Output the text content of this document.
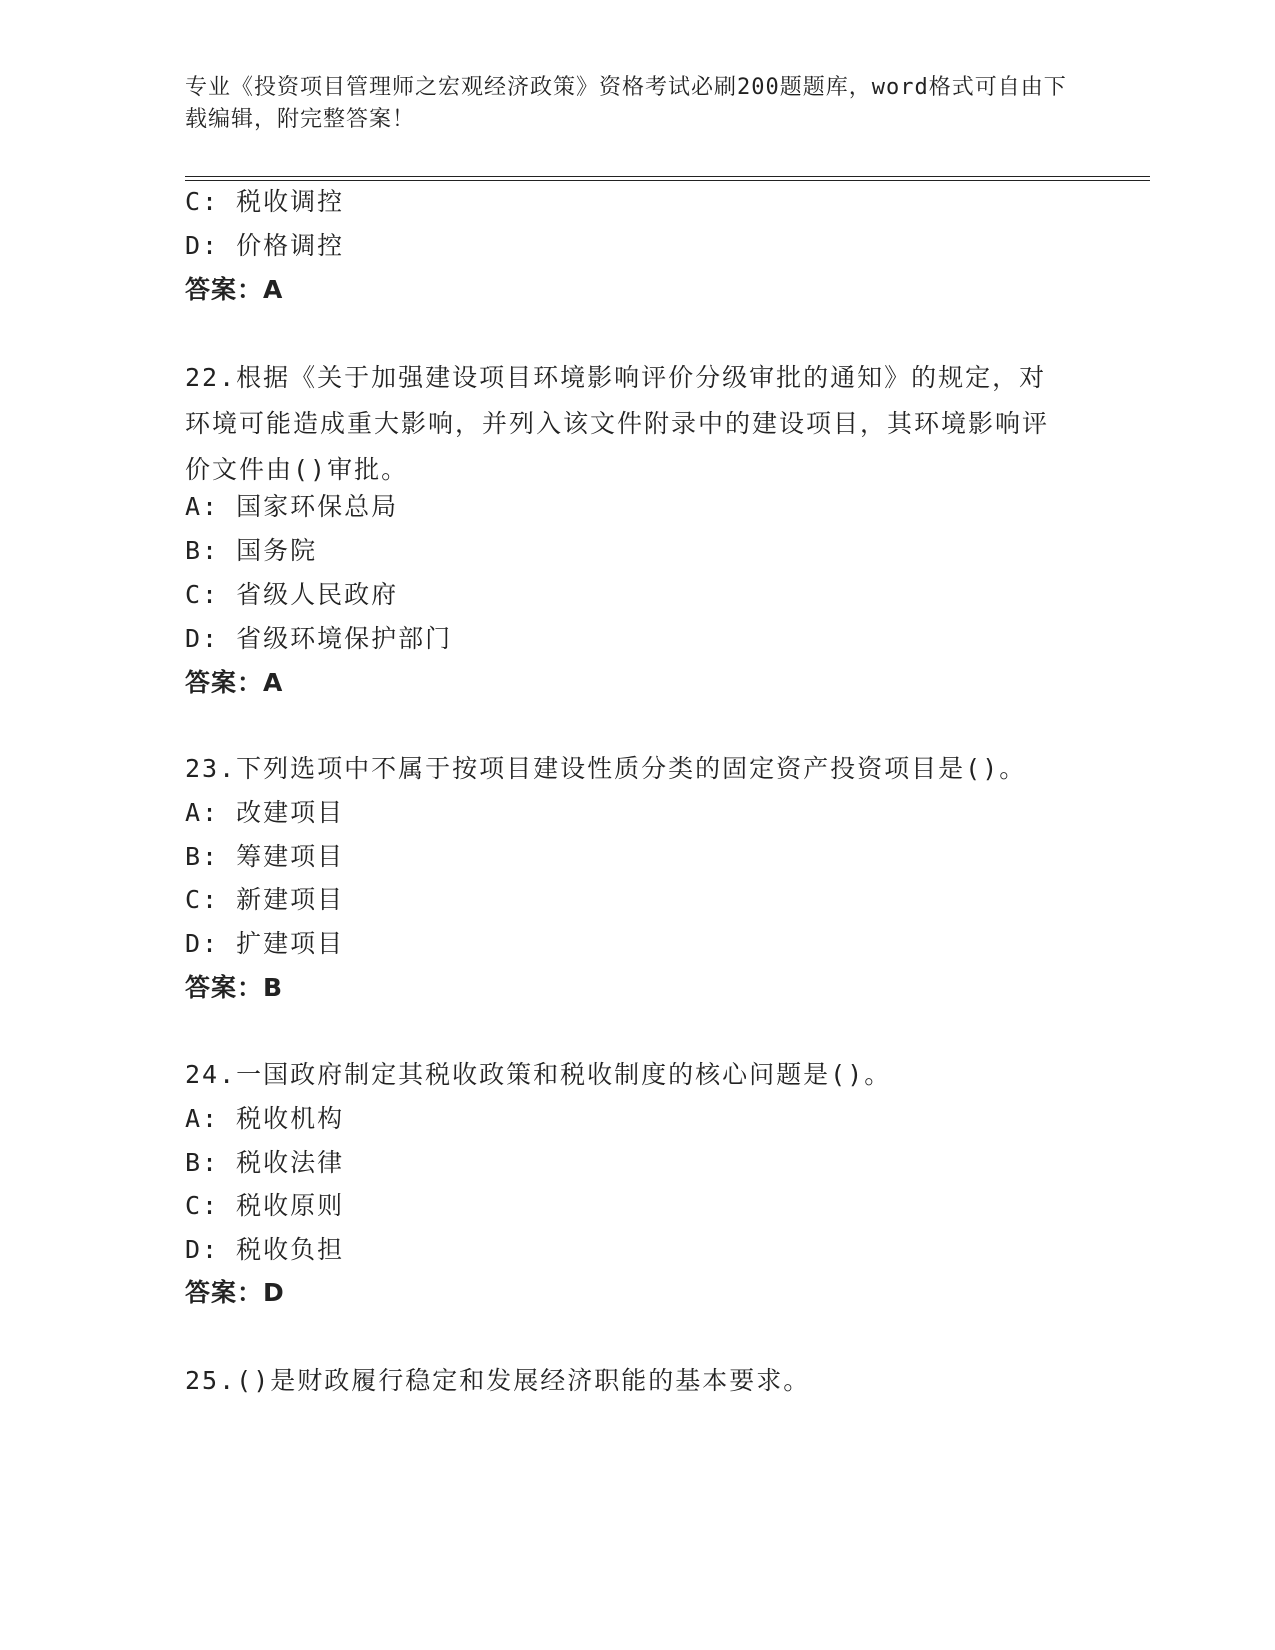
专业《投资项目管理师之宏观经济政策》资格考试必刷200题题库，word格式可自由下载编辑，附完整答案！
C: 税收调控
D: 价格调控
答案：A
22.根据《关于加强建设项目环境影响评价分级审批的通知》的规定，对环境可能造成重大影响，并列入该文件附录中的建设项目，其环境影响评价文件由()审批。
A: 国家环保总局
B: 国务院
C: 省级人民政府
D: 省级环境保护部门
答案：A
23.下列选项中不属于按项目建设性质分类的固定资产投资项目是()。
A: 改建项目
B: 筹建项目
C: 新建项目
D: 扩建项目
答案：B
24.一国政府制定其税收政策和税收制度的核心问题是()。
A: 税收机构
B: 税收法律
C: 税收原则
D: 税收负担
答案：D
25.()是财政履行稳定和发展经济职能的基本要求。
